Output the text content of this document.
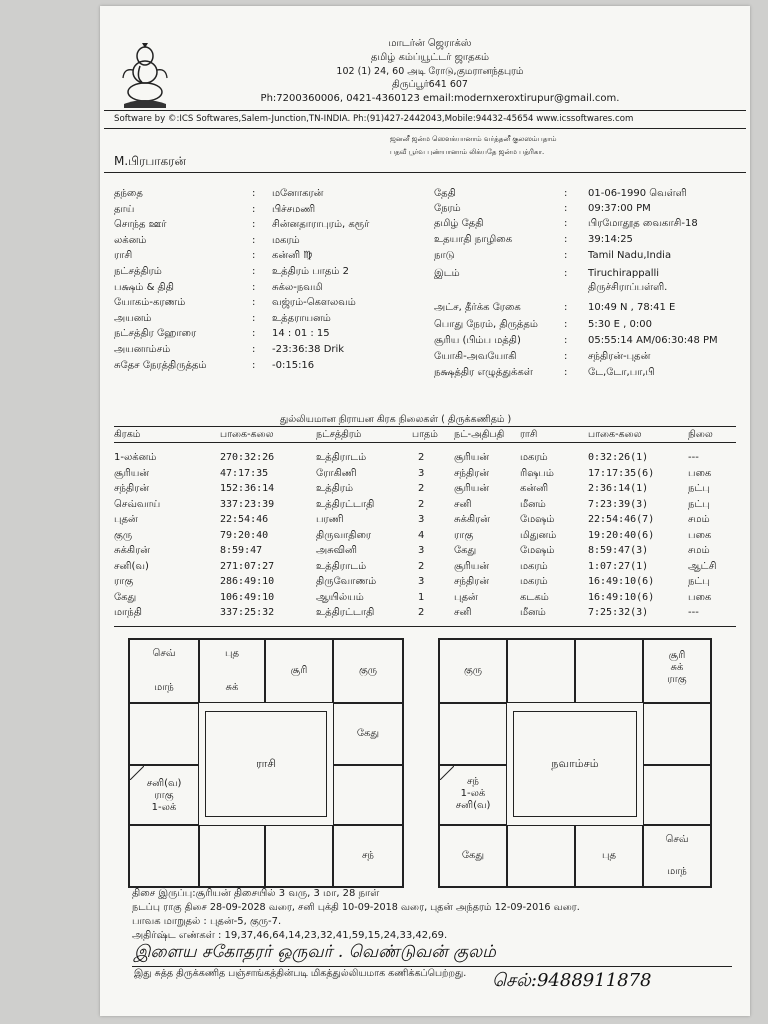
மாடர்ன் ஜெராக்ஸ்
தமிழ் கம்ப்யூட்டர் ஜாதகம்
102 (1) 24, 60 அடி ரோடு,குமரானந்தபுரம்
திருப்பூர்641 607
Ph:7200360006, 0421-4360123 email:modernxeroxtirupur@gmail.com.
Software by ©:ICS Softwares,Salem-Junction,TN-INDIA. Ph:(91)427-2442043,Mobile:94432-45654 www.icssoftwares.com
ஜனனீ ஜன்ம ஸௌக்யானாம் வர்த்தனீ குலஸம்பதாம்
பதவீ பூர்வ புண்யானாம் லிக்யதே ஜன்ம பத்ரிகா.
M.பிரபாகரன்
தந்தை	: மனோகரன்
தாய்	: பிச்சமணி
சொந்த ஊர்	: சின்னதாராபுரம், கரூர்
லக்னம்	: மகரம்
ராசி	: கன்னி ♍
நட்சத்திரம்	: உத்திரம் பாதம் 2
பக்ஷம் & திதி	: சுக்ல-நவமி
யோகம்-கரணம்	: வஜ்ரம்-கௌலவம்
அயனம்	: உத்தராயனம்
நட்சத்திர ஹோரை	: 14 : 01 : 15
அயனாம்சம்	: -23:36:38 Drik
சுதேச நேரத்திருத்தம்	: -0:15:16
தேதி	: 01-06-1990 வெள்ளி
நேரம்	: 09:37:00 PM
தமிழ் தேதி	: பிரமோதூத வைகாசி-18
உதயாதி நாழிகை	: 39:14:25
நாடு	: Tamil Nadu,India
இடம்	: Tiruchirappalli
திருச்சிராப்பள்ளி.
அட்ச, தீர்க்க ரேகை	: 10:49 N , 78:41 E
பொது நேரம், திருத்தம்	: 5:30 E , 0:00
சூரிய (பிம்ப மத்தி)	: 05:55:14 AM/06:30:48 PM
யோகி-அவயோகி	: சந்திரன்-புதன்
நக்ஷத்திர எழுத்துக்கள்	: டே,டோ,பா,பி
துல்லியமான நிராயன கிரக நிலைகள் ( திருக்கணிதம் )
கிரகம்	பாகை-கலை	நட்சத்திரம்	பாதம் நட்-அதிபதி ராசி	பாகை-கலை	நிலை
1-லக்னம்	270:32:26	உத்திராடம்	2	சூரியன்	மகரம்	0:32:26(1)	---
சூரியன்	47:17:35	ரோகிணி	3	சந்திரன்	ரிஷபம்	17:17:35(6)	பகை
சந்திரன்	152:36:14	உத்திரம்	2	சூரியன்	கன்னி	2:36:14(1)	நட்பு
செவ்வாய்	337:23:39	உத்திரட்டாதி	2	சனி	மீனம்	7:23:39(3)	நட்பு
புதன்	22:54:46	பரணி	3	சுக்கிரன்	மேஷம்	22:54:46(7)	சமம்
குரு	79:20:40	திருவாதிரை	4	ராகு	மிதுனம்	19:20:40(6)	பகை
சுக்கிரன்	8:59:47	அசுவினி	3	கேது	மேஷம்	8:59:47(3)	சமம்
சனி(வ)	271:07:27	உத்திராடம்	2	சூரியன்	மகரம்	1:07:27(1)	ஆட்சி
ராகு	286:49:10	திருவோணம்	3	சந்திரன்	மகரம்	16:49:10(6)	நட்பு
கேது	106:49:10	ஆயில்யம்	1	புதன்	கடகம்	16:49:10(6)	பகை
மாந்தி	337:25:32	உத்திரட்டாதி	2	சனி	மீனம்	7:25:32(3)	---
செவ்
மாந்
புத
சுக்
சூரி	குரு
கேது
சனி(வ)
ராகு
1-லக்
சந்
ராசி
குரு
சூரி
சுக்
ராகு
சந்
1-லக்
சனி(வ)
கேது	புத
செவ்
மாந்
நவாம்சம்
திசை இருப்பு:சூரியன் திசையில் 3 வரு, 3 மா, 28 நாள்
நடப்பு ராகு திசை 28-09-2028 வரை, சனி புக்தி 10-09-2018 வரை, புதன் அந்தரம் 12-09-2016 வரை.
பாவக மாறுதல் : புதன்-5, குரு-7.
அதிர்ஷ்ட எண்கள் : 19,37,46,64,14,23,32,41,59,15,24,33,42,69.
இளைய சகோதரர் ஒருவர் . வெண்டுவன் குலம்
இது சுத்த திருக்கணித பஞ்சாங்கத்தின்படி மிகத்துல்லியமாக கணிக்கப்பெற்றது. செல்:9488911878
